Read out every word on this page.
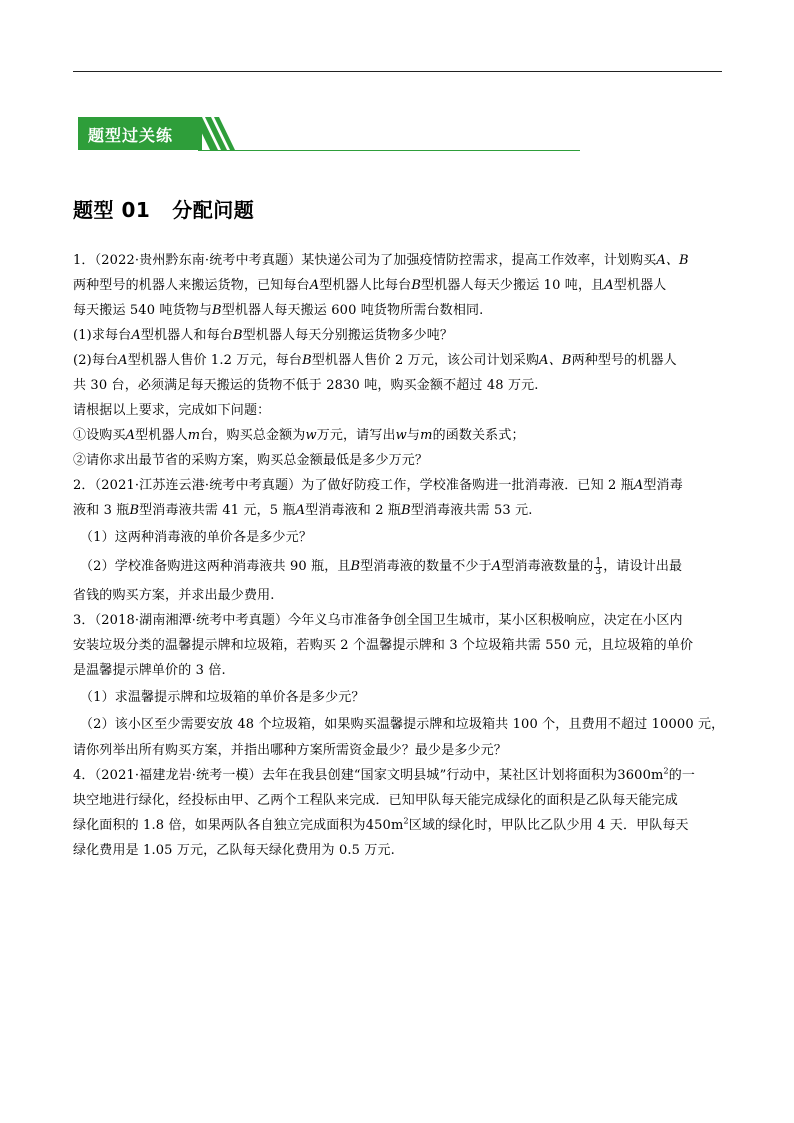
题型过关练
题型 01 分配问题
1．（2022·贵州黔东南·统考中考真题）某快递公司为了加强疫情防控需求，提高工作效率，计划购买A、B
两种型号的机器人来搬运货物，已知每台A型机器人比每台B型机器人每天少搬运 10 吨，且A型机器人
每天搬运 540 吨货物与B型机器人每天搬运 600 吨货物所需台数相同.
(1)求每台A型机器人和每台B型机器人每天分别搬运货物多少吨？
(2)每台A型机器人售价 1.2 万元，每台B型机器人售价 2 万元，该公司计划采购A、B两种型号的机器人
共 30 台，必须满足每天搬运的货物不低于 2830 吨，购买金额不超过 48 万元.
请根据以上要求，完成如下问题：
①设购买A型机器人m台，购买总金额为w万元，请写出w与m的函数关系式；
②请你求出最节省的采购方案，购买总金额最低是多少万元？
2．（2021·江苏连云港·统考中考真题）为了做好防疫工作，学校准备购进一批消毒液．已知 2 瓶A型消毒
液和 3 瓶B型消毒液共需 41 元，5 瓶A型消毒液和 2 瓶B型消毒液共需 53 元.
（1）这两种消毒液的单价各是多少元？
（2）学校准备购进这两种消毒液共 90 瓶，且B型消毒液的数量不少于A型消毒液数量的 $\frac{1}{3}$ ，请设计出最
省钱的购买方案，并求出最少费用.
3．（2018·湖南湘潭·统考中考真题）今年义乌市准备争创全国卫生城市，某小区积极响应，决定在小区内
安装垃圾分类的温馨提示牌和垃圾箱，若购买 2 个温馨提示牌和 3 个垃圾箱共需 550 元，且垃圾箱的单价
是温馨提示牌单价的 3 倍.
（1）求温馨提示牌和垃圾箱的单价各是多少元？
（2）该小区至少需要安放 48 个垃圾箱，如果购买温馨提示牌和垃圾箱共 100 个，且费用不超过 10000 元，
请你列举出所有购买方案，并指出哪种方案所需资金最少？最少是多少元？
4．（2021·福建龙岩·统考一模）去年在我县创建“国家文明县城”行动中，某社区计划将面积为$3600m^2$的一
块空地进行绿化，经投标由甲、乙两个工程队来完成．已知甲队每天能完成绿化的面积是乙队每天能完成
绿化面积的 1.8 倍，如果两队各自独立完成面积为$450m^2$区域的绿化时，甲队比乙队少用 4 天．甲队每天
绿化费用是 1.05 万元，乙队每天绿化费用为 0.5 万元.
